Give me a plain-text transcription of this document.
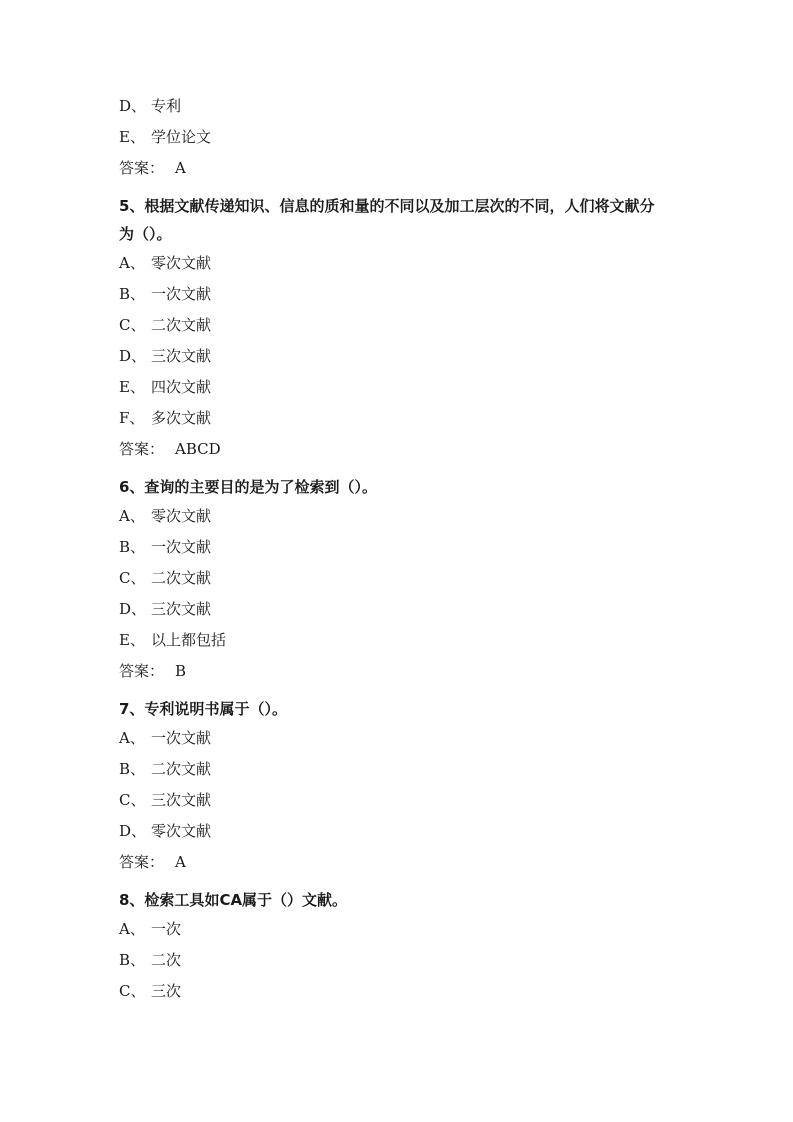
D、 专利
E、 学位论文
答案： A
5、根据文献传递知识、信息的质和量的不同以及加工层次的不同，人们将文献分为（）。
A、 零次文献
B、 一次文献
C、 二次文献
D、 三次文献
E、 四次文献
F、 多次文献
答案： ABCD
6、查询的主要目的是为了检索到（）。
A、 零次文献
B、 一次文献
C、 二次文献
D、 三次文献
E、 以上都包括
答案： B
7、专利说明书属于（）。
A、 一次文献
B、 二次文献
C、 三次文献
D、 零次文献
答案： A
8、检索工具如CA属于（）文献。
A、 一次
B、 二次
C、 三次
